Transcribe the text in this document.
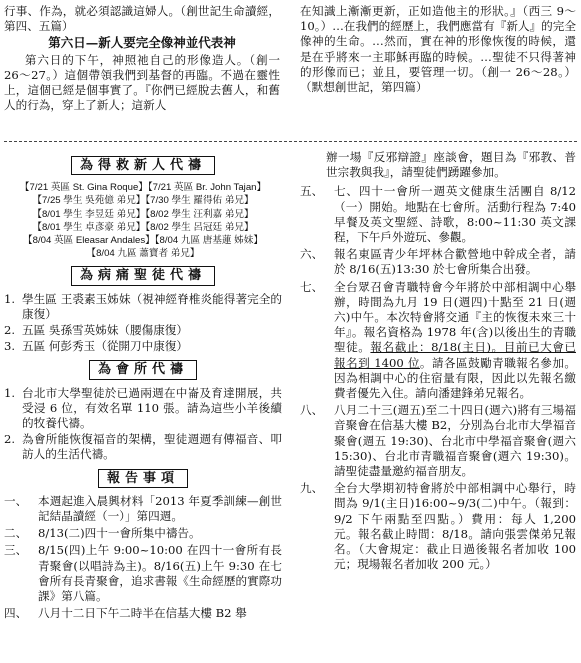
行事、作為，就必須認識這婦人。（創世記生命讀經，第四、五篇）

第六日—新人要完全像神並代表神

第六日的下午，神照祂自己的形像造人。（創一 26～27。）這個帶領我們到基督的再臨。不過在靈性上，這個已經是個事實了。『你們已經脫去舊人，和舊人的行為，穿上了新人；這新人

在知識上漸漸更新，正如造他主的形狀。』（西三 9～10。）…在我們的經歷上，我們應當有『新人』的完全像神的生命。…然而，實在神的形像恢復的時候，還是在乎將來一主耶穌再臨的時候。…聖徒不只得著神的形像而已；並且，要管理一切。（創一 26～28。）（默想創世記，第四篇）

為得救新人代禱
【7/21 英區 St. Gina Roque】【7/21 英區 Br. John Tajan】
【7/25 學生 吳苑億 弟兄】【7/30 學生 羅得佑 弟兄】
【8/01 學生 李昱廷 弟兄】【8/02 學生 汪利嘉 弟兄】
【8/01 學生 卓彥豪 弟兄】【8/02 學生 呂冠廷 弟兄】
【8/04 英區 Eleasar Andales】【8/04 九區 唐基蓮 姊妹】
【8/04 九區 蕭寶者 弟兄】
為病痛聖徒代禱
1. 學生區 王裘素玉姊妹（視神經脊椎炎能得著完全的康復）
2. 五區 吳孫雪英姊妹（腰傷康復）
3. 五區 何彭秀玉（從開刀中康復）
為會所代禱
1. 台北市大學聖徒於已過兩週在中崙及育達開展，共受浸 6 位，有效名單 110 張。請為這些小羊後續的牧養代禱。
2. 為會所能恢復福音的架構，聖徒週週有傳福音、叩訪人的生活代禱。
報告事項
一、 本週起進入晨興材料「2013 年夏季訓練—創世記結晶讀經（一）」第四週。
二、 8/13(二)四十一會所集中禱告。
三、 8/15(四)上午 9:00~10:00 在四十一會所有長青聚會(以唱詩為主)。8/16(五)上午 9:30 在七會所有長青聚會，追求書報《生命經歷的實際功課》第八篇。
四、 八月十二日下午二時半在信基大樓 B2 舉

辦一場『反邪辯證』座談會，題目為『邪教、普世宗教與我』，請聖徒們踴躍參加。

五、 七、四十一會所一週英文健康生活團自 8/12（一）開始。地點在七會所。活動行程為 7:40 早餐及英文聖經、詩歌，8:00~11:30 英文課程，下午戶外遊玩、參觀。
六、 報名東區青少年坪林合歡營地中幹成全者，請於 8/16(五)13:30 於七會所集合出發。
七、 全台眾召會青職特會今年將於中部相調中心舉辦，時間為九月 19 日(週四)十點至 21 日(週六)中午。本次特會將交通『主的恢復未來三十年』。報名資格為 1978 年(含)以後出生的青職聖徒。報名截止：8/18(主日)。目前已大會已報名到 1400 位。請各區鼓勵青職報名參加。因為相調中心的住宿量有限，因此以先報名繳費者優先入住。請向潘建鋒弟兄報名。
八、 八月二十三(週五)至二十四日(週六)將有三場福音聚會在信基大樓 B2，分別為台北市大學福音聚會(週五 19:30)、台北市中學福音聚會(週六 15:30)、台北市青職福音聚會(週六 19:30)。請聖徒盡量邀約福音朋友。
九、 全台大學期初特會將於中部相調中心舉行，時間為 9/1(主日)16:00~9/3(二)中午。（報到：9/2 下午兩點至四點。）費用：每人 1,200 元。報名截止時間：8/18。請向張雲傑弟兄報名。（大會規定：截止日過後報名者加收 100 元；現場報名者加收 200 元。）
